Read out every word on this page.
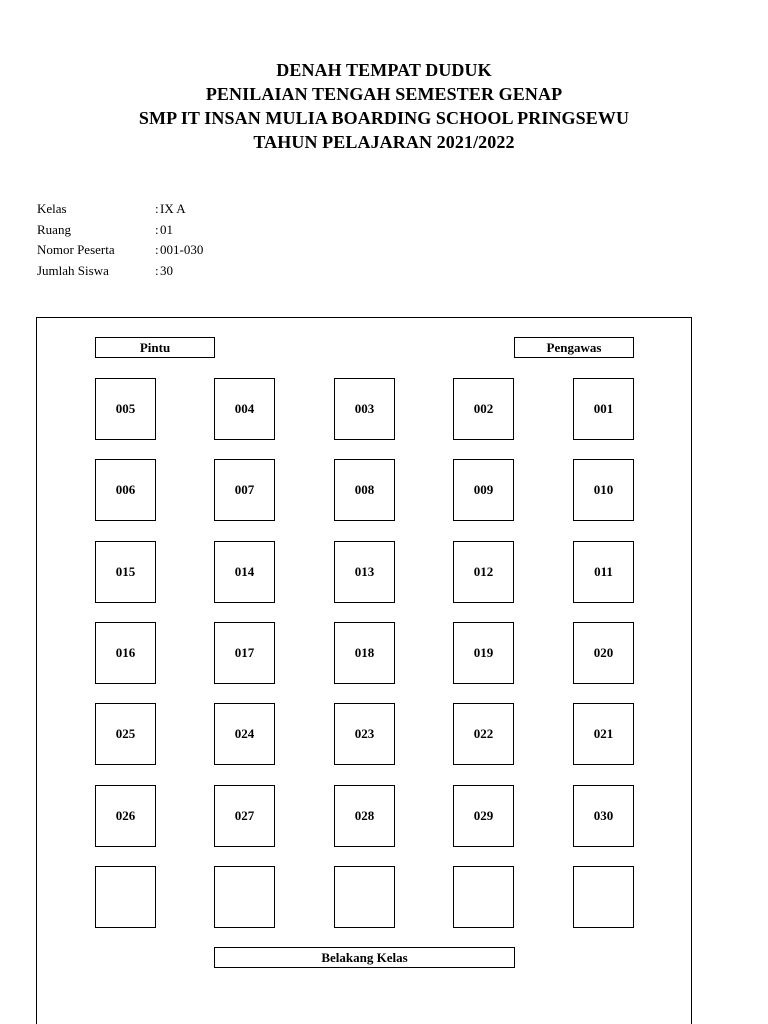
DENAH TEMPAT DUDUK
PENILAIAN TENGAH SEMESTER GENAP
SMP IT INSAN MULIA BOARDING SCHOOL PRINGSEWU
TAHUN PELAJARAN 2021/2022
Kelas	: IX A
Ruang	: 01
Nomor Peserta	: 001-030
Jumlah Siswa	: 30
Pintu	Pengawas
Belakang Kelas
005	004	003	002	001
006	007	008	009	010
015	014	013	012	011
016	017	018	019	020
025	024	023	022	021
026	027	028	029	030
